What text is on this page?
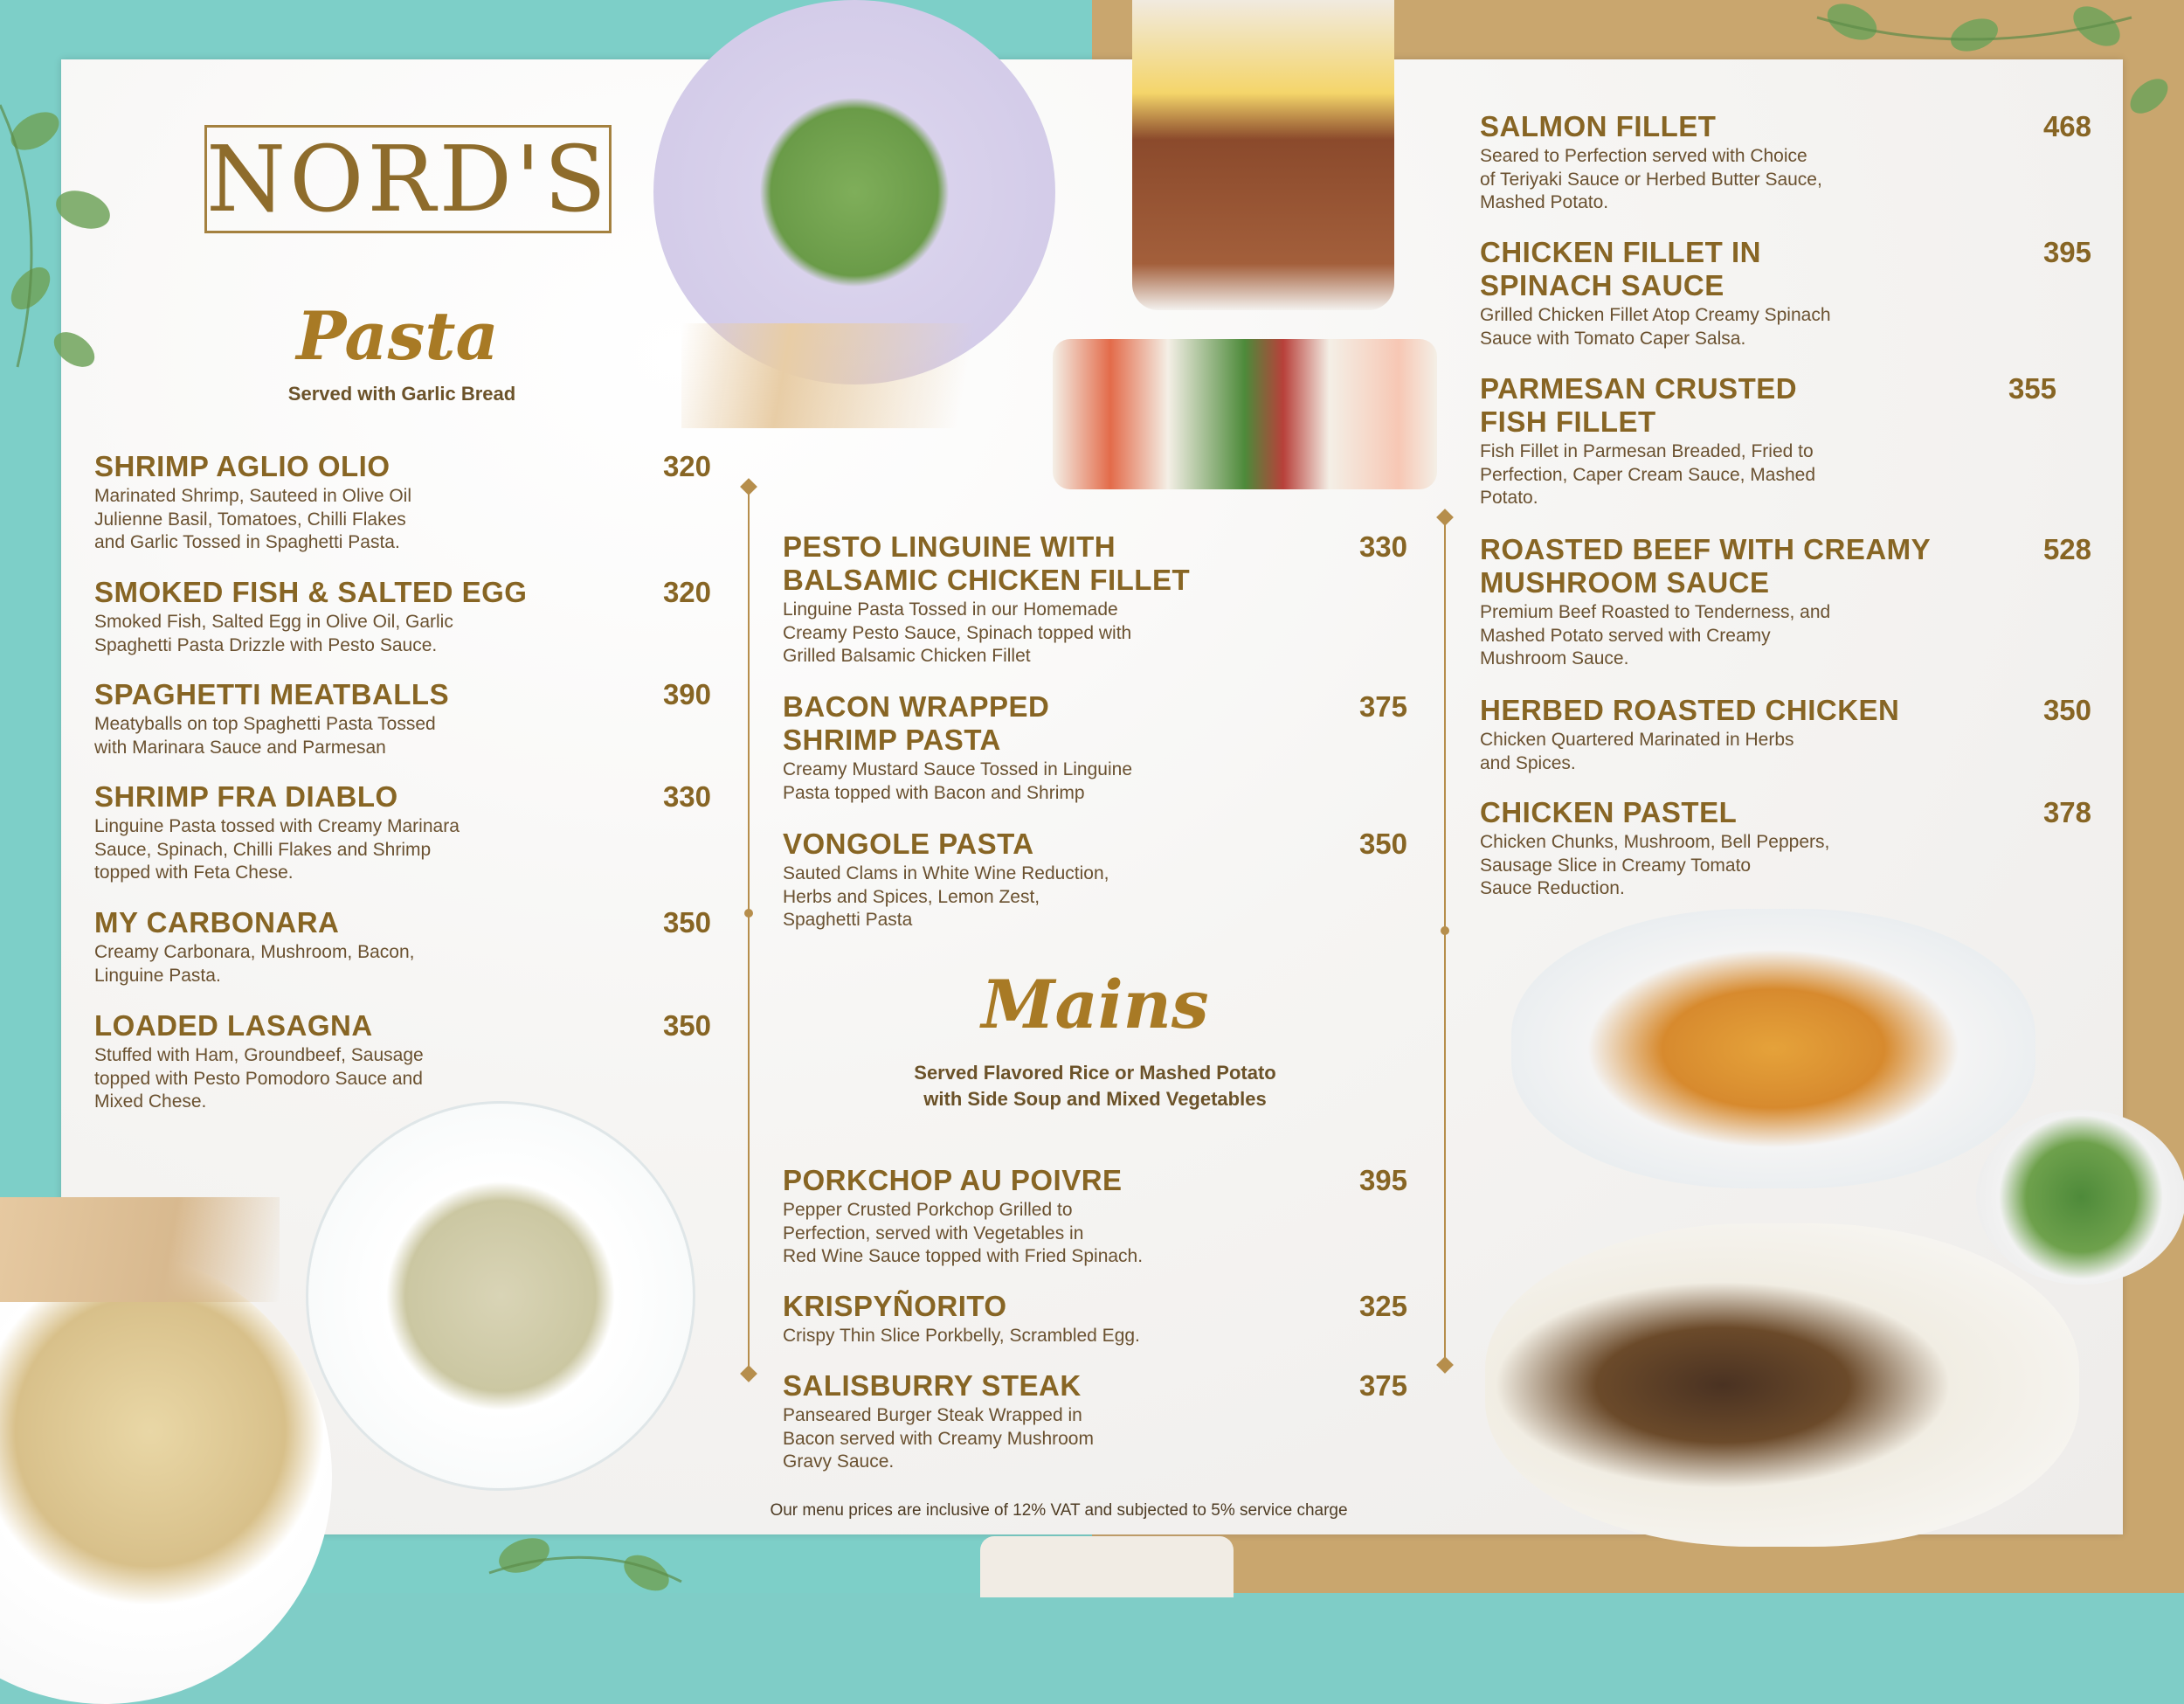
NORD'S
Pasta
Served with Garlic Bread
SHRIMP AGLIO OLIO	320
Marinated Shrimp, Sauteed in Olive Oil
Julienne Basil, Tomatoes, Chilli Flakes
and Garlic Tossed in Spaghetti Pasta.
SMOKED FISH & SALTED EGG	320
Smoked Fish, Salted Egg in Olive Oil, Garlic
Spaghetti Pasta Drizzle with Pesto Sauce.
SPAGHETTI MEATBALLS	390
Meatyballs on top Spaghetti Pasta Tossed
with Marinara Sauce and Parmesan
SHRIMP FRA DIABLO	330
Linguine Pasta tossed with Creamy Marinara
Sauce, Spinach, Chilli Flakes and Shrimp
topped with Feta Chese.
MY CARBONARA	350
Creamy Carbonara, Mushroom, Bacon,
Linguine Pasta.
LOADED LASAGNA	350
Stuffed with Ham, Groundbeef, Sausage
topped with Pesto Pomodoro Sauce and
Mixed Chese.
PESTO LINGUINE WITH
BALSAMIC CHICKEN FILLET
330
Linguine Pasta Tossed in our Homemade
Creamy Pesto Sauce, Spinach topped with
Grilled Balsamic Chicken Fillet
BACON WRAPPED
SHRIMP PASTA
375
Creamy Mustard Sauce Tossed in Linguine
Pasta topped with Bacon and Shrimp
VONGOLE PASTA	350
Sauted Clams in White Wine Reduction,
Herbs and Spices, Lemon Zest,
Spaghetti Pasta
Mains
Served Flavored Rice or Mashed Potato
with Side Soup and Mixed Vegetables
PORKCHOP AU POIVRE	395
Pepper Crusted Porkchop Grilled to
Perfection, served with Vegetables in
Red Wine Sauce topped with Fried Spinach.
KRISPYÑORITO	325
Crispy Thin Slice Porkbelly, Scrambled Egg.
SALISBURRY STEAK	375
Panseared Burger Steak Wrapped in
Bacon served with Creamy Mushroom
Gravy Sauce.
SALMON FILLET	468
Seared to Perfection served with Choice
of Teriyaki Sauce or Herbed Butter Sauce,
Mashed Potato.
CHICKEN FILLET IN
SPINACH SAUCE
395
Grilled Chicken Fillet Atop Creamy Spinach
Sauce with Tomato Caper Salsa.
PARMESAN CRUSTED
FISH FILLET
355
Fish Fillet in Parmesan Breaded, Fried to
Perfection, Caper Cream Sauce, Mashed
Potato.
ROASTED BEEF WITH CREAMY
MUSHROOM SAUCE
528
Premium Beef Roasted to Tenderness, and
Mashed Potato served with Creamy
Mushroom Sauce.
HERBED ROASTED CHICKEN	350
Chicken Quartered Marinated in Herbs
and Spices.
CHICKEN PASTEL	378
Chicken Chunks, Mushroom, Bell Peppers,
Sausage Slice in Creamy Tomato
Sauce Reduction.
Our menu prices are inclusive of 12% VAT and subjected to 5% service charge
